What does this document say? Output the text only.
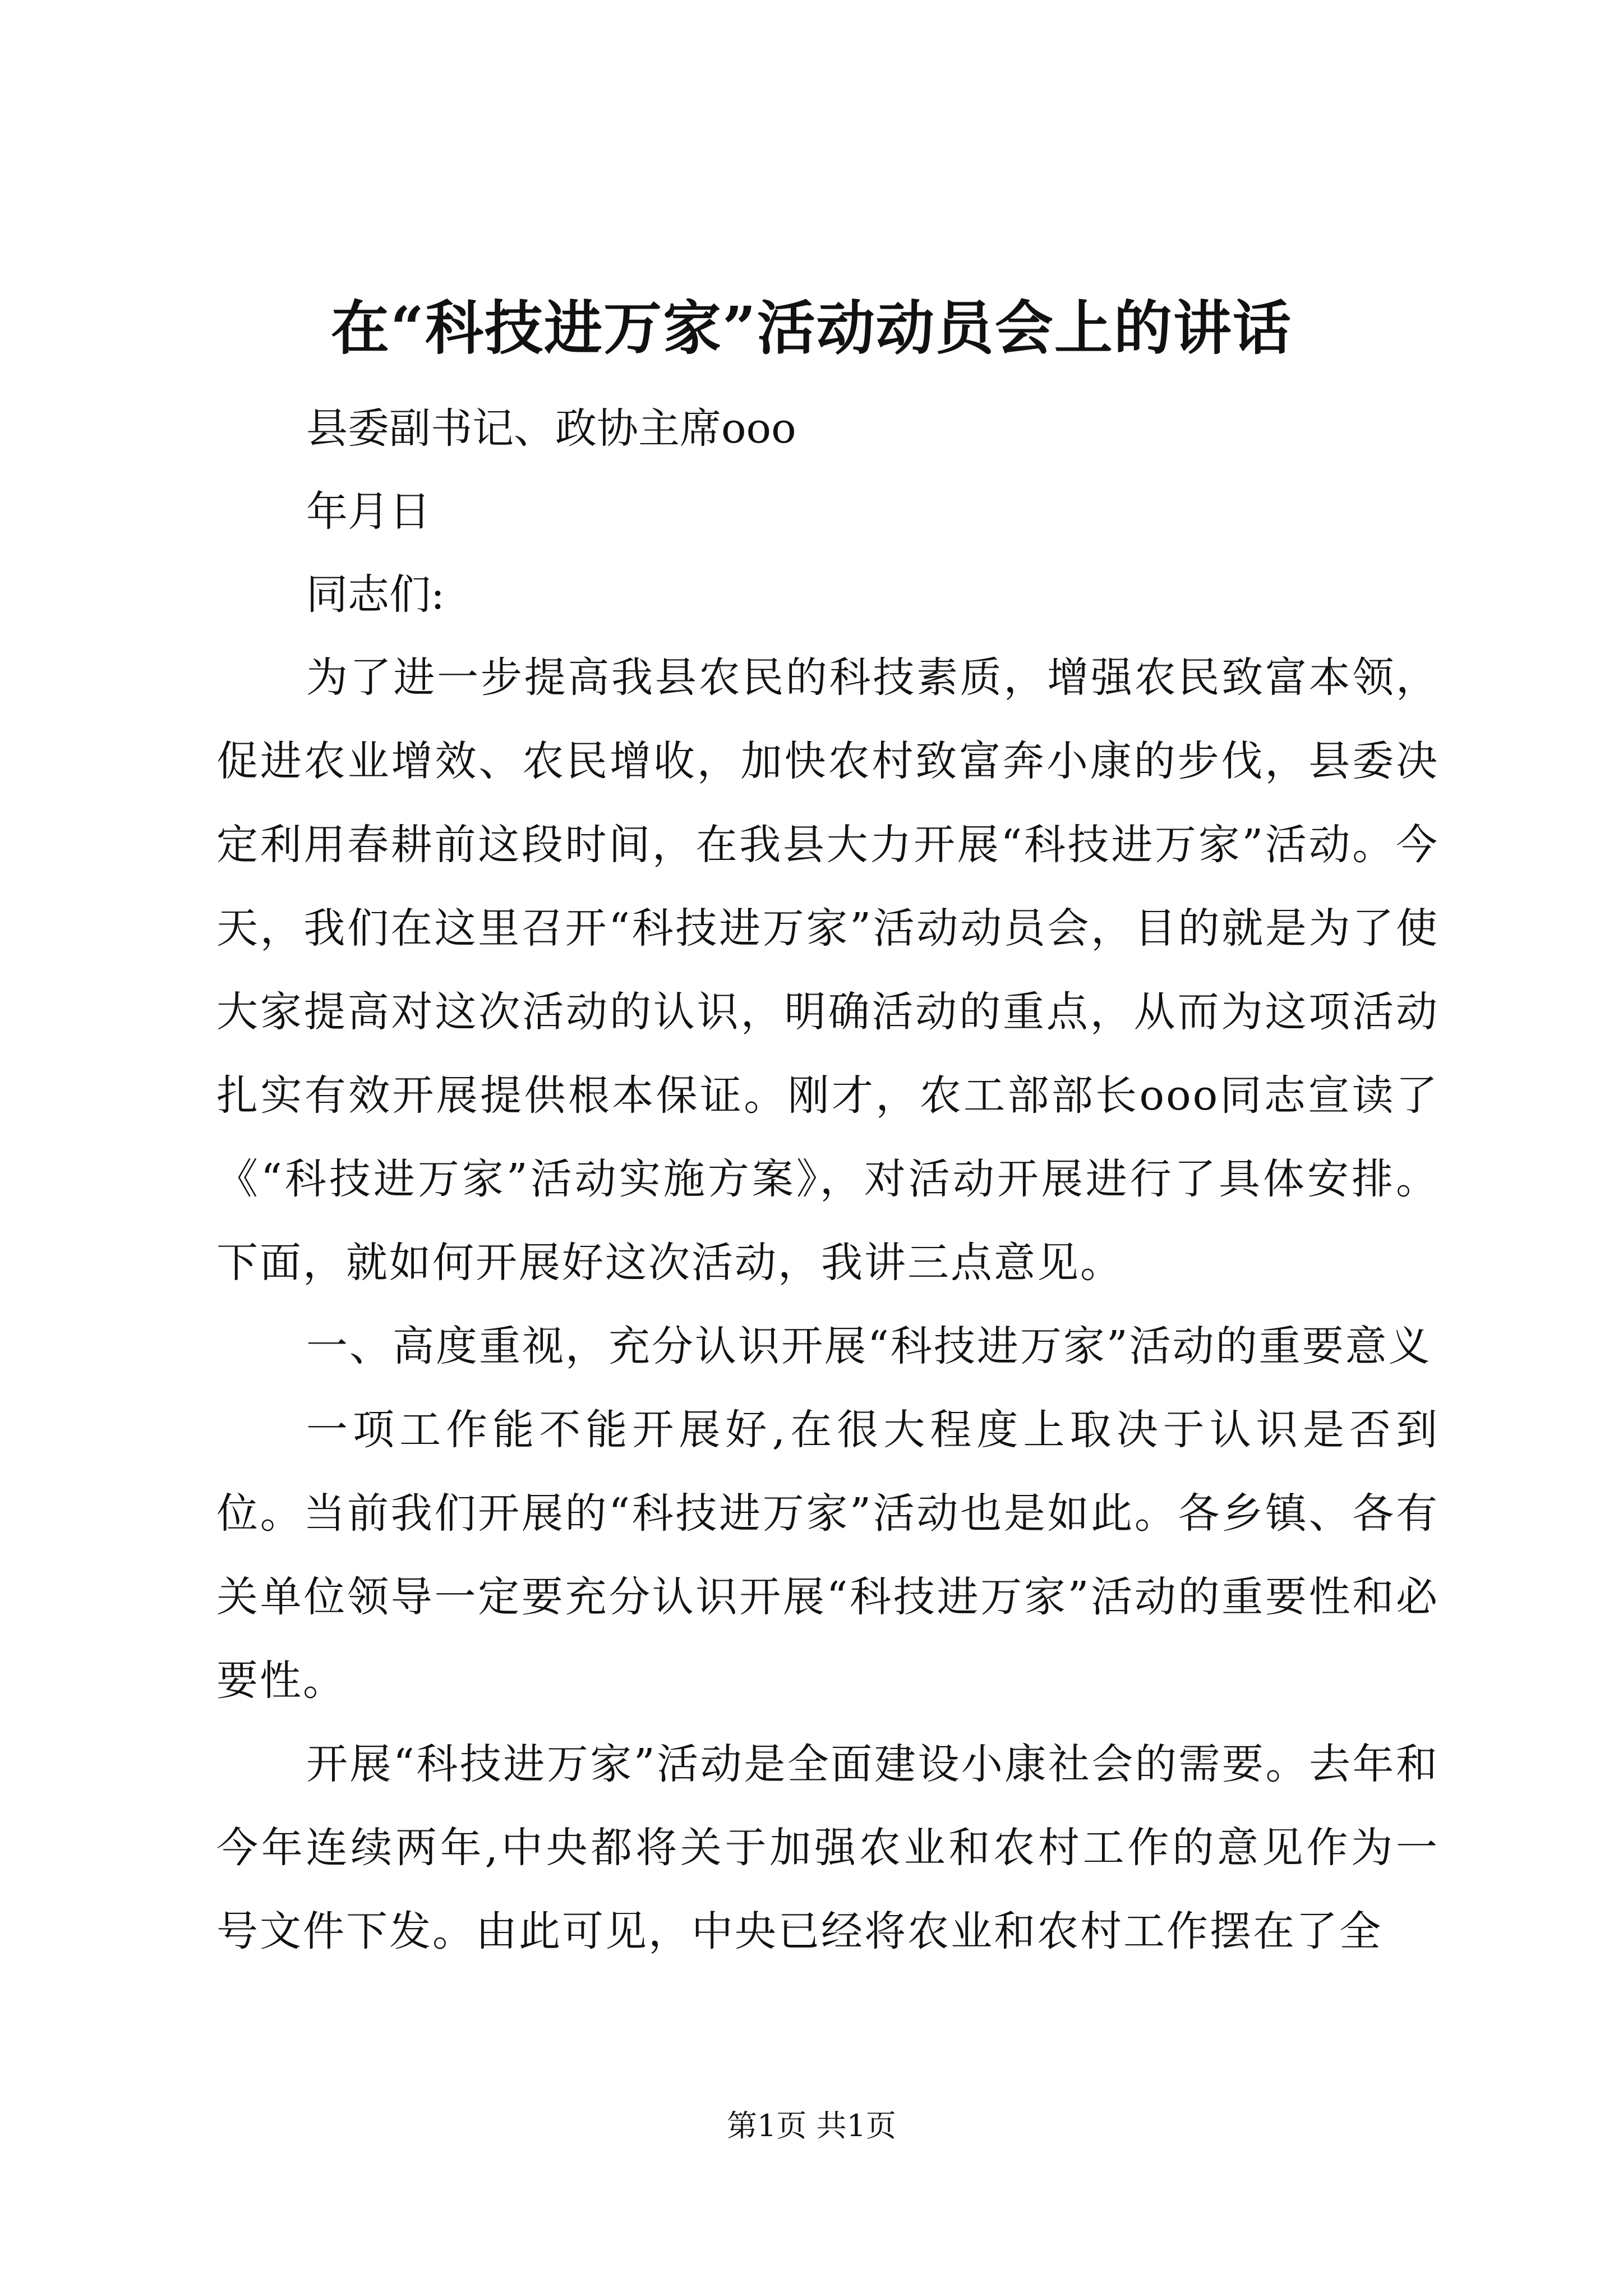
在“科技进万家”活动动员会上的讲话

县委副书记、政协主席ooo

年月日

同志们:

为了进一步提高我县农民的科技素质，增强农民致富本领，促进农业增效、农民增收，加快农村致富奔小康的步伐，县委决定利用春耕前这段时间，在我县大力开展“科技进万家”活动。今天，我们在这里召开“科技进万家”活动动员会，目的就是为了使大家提高对这次活动的认识，明确活动的重点，从而为这项活动扎实有效开展提供根本保证。刚才，农工部部长ooo同志宣读了《“科技进万家”活动实施方案》，对活动开展进行了具体安排。下面，就如何开展好这次活动，我讲三点意见。

一、高度重视，充分认识开展“科技进万家”活动的重要意义

一项工作能不能开展好,在很大程度上取决于认识是否到位。当前我们开展的“科技进万家”活动也是如此。各乡镇、各有关单位领导一定要充分认识开展“科技进万家”活动的重要性和必要性。

开展“科技进万家”活动是全面建设小康社会的需要。去年和今年连续两年,中央都将关于加强农业和农村工作的意见作为一号文件下发。由此可见，中央已经将农业和农村工作摆在了全

第1页 共1页
